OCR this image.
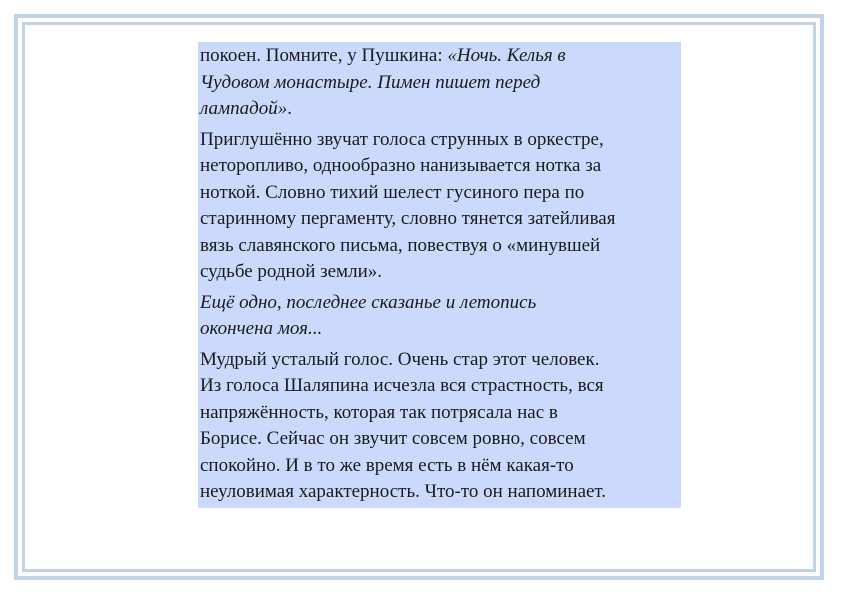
покоен. Помните, у Пушкина: «Ночь. Келья в
Чудовом монастыре. Пимен пишет перед
лампадой».
Приглушённо звучат голоса струнных в оркестре,
неторопливо, однообразно нанизывается нотка за
ноткой. Словно тихий шелест гусиного пера по
старинному пергаменту, словно тянется затейливая
вязь славянского письма, повествуя о «минувшей
судьбе родной земли».
Ещё одно, последнее сказанье и летопись
окончена моя...
Мудрый усталый голос. Очень стар этот человек.
Из голоса Шаляпина исчезла вся страстность, вся
напряжённость, которая так потрясала нас в
Борисе. Сейчас он звучит совсем ровно, совсем
спокойно. И в то же время есть в нём какая-то
неуловимая характерность. Что-то он напоминает.
